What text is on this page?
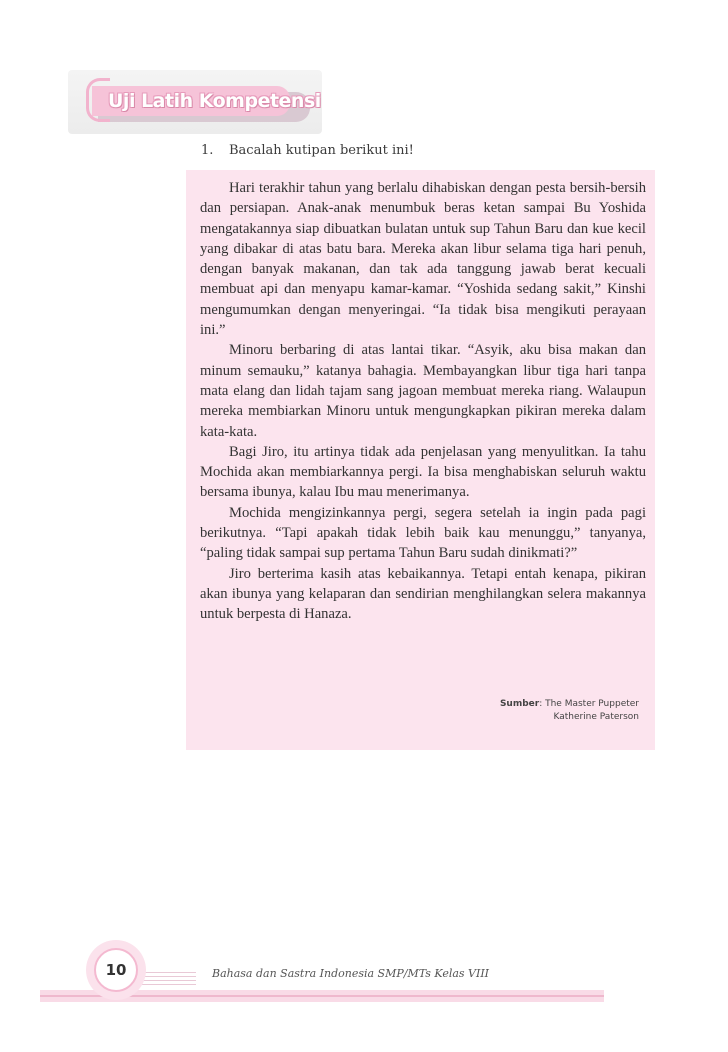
Uji Latih Kompetensi
1. Bacalah kutipan berikut ini!

Hari terakhir tahun yang berlalu dihabiskan dengan pesta bersih-bersih dan persiapan. Anak-anak menumbuk beras ketan sampai Bu Yoshida mengatakannya siap dibuatkan bulatan untuk sup Tahun Baru dan kue kecil yang dibakar di atas batu bara. Mereka akan libur selama tiga hari penuh, dengan banyak makanan, dan tak ada tanggung jawab berat kecuali membuat api dan menyapu kamar-kamar. “Yoshida sedang sakit,” Kinshi mengumumkan dengan menyeringai. “Ia tidak bisa mengikuti perayaan ini.”

Minoru berbaring di atas lantai tikar. “Asyik, aku bisa makan dan minum semauku,” katanya bahagia. Membayangkan libur tiga hari tanpa mata elang dan lidah tajam sang jagoan membuat mereka riang. Walaupun mereka membiarkan Minoru untuk mengungkapkan pikiran mereka dalam kata-kata.

Bagi Jiro, itu artinya tidak ada penjelasan yang menyulitkan. Ia tahu Mochida akan membiarkannya pergi. Ia bisa menghabiskan seluruh waktu bersama ibunya, kalau Ibu mau menerimanya.

Mochida mengizinkannya pergi, segera setelah ia ingin pada pagi berikutnya. “Tapi apakah tidak lebih baik kau menunggu,” tanyanya, “paling tidak sampai sup pertama Tahun Baru sudah dinikmati?”

Jiro berterima kasih atas kebaikannya. Tetapi entah kenapa, pikiran akan ibunya yang kelaparan dan sendirian menghilangkan selera makannya untuk berpesta di Hanaza.

Sumber: The Master Puppeter
Katherine Paterson
10	Bahasa dan Sastra Indonesia SMP/MTs Kelas VIII
